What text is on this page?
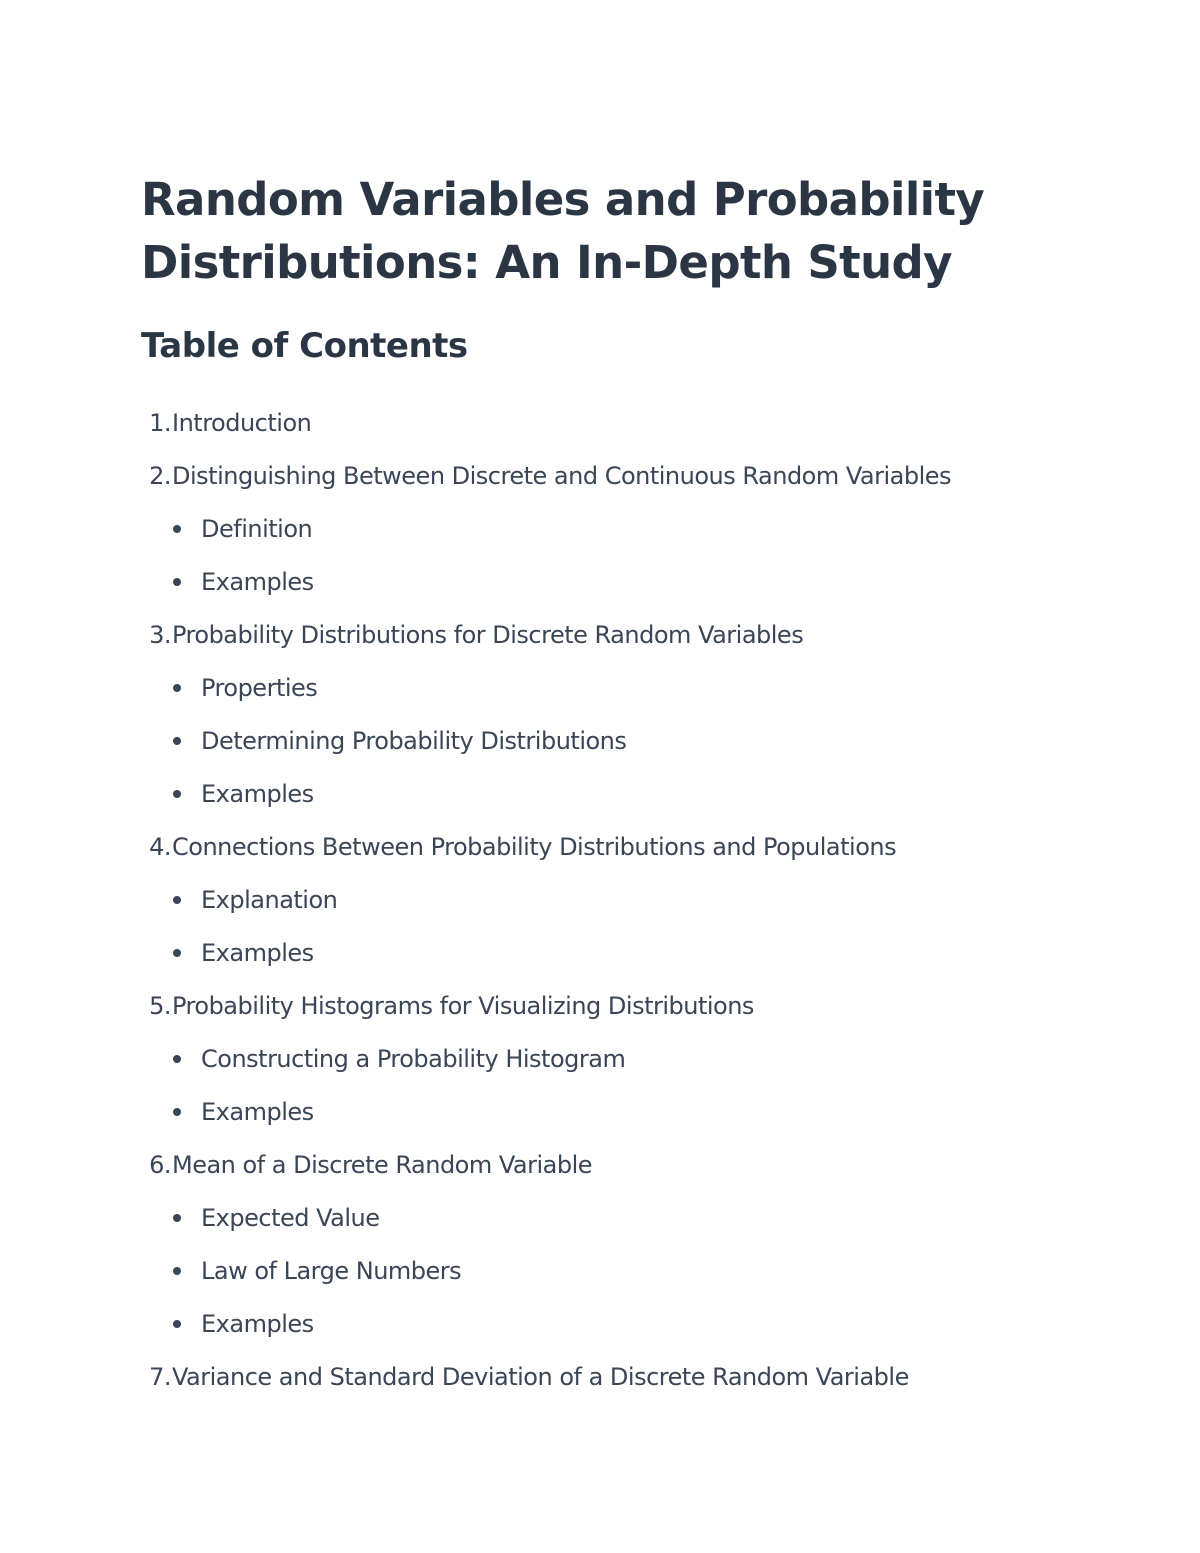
Random Variables and Probability Distributions: An In-Depth Study
Table of Contents
1. Introduction
2. Distinguishing Between Discrete and Continuous Random Variables
Definition
Examples
3. Probability Distributions for Discrete Random Variables
Properties
Determining Probability Distributions
Examples
4. Connections Between Probability Distributions and Populations
Explanation
Examples
5. Probability Histograms for Visualizing Distributions
Constructing a Probability Histogram
Examples
6. Mean of a Discrete Random Variable
Expected Value
Law of Large Numbers
Examples
7. Variance and Standard Deviation of a Discrete Random Variable
